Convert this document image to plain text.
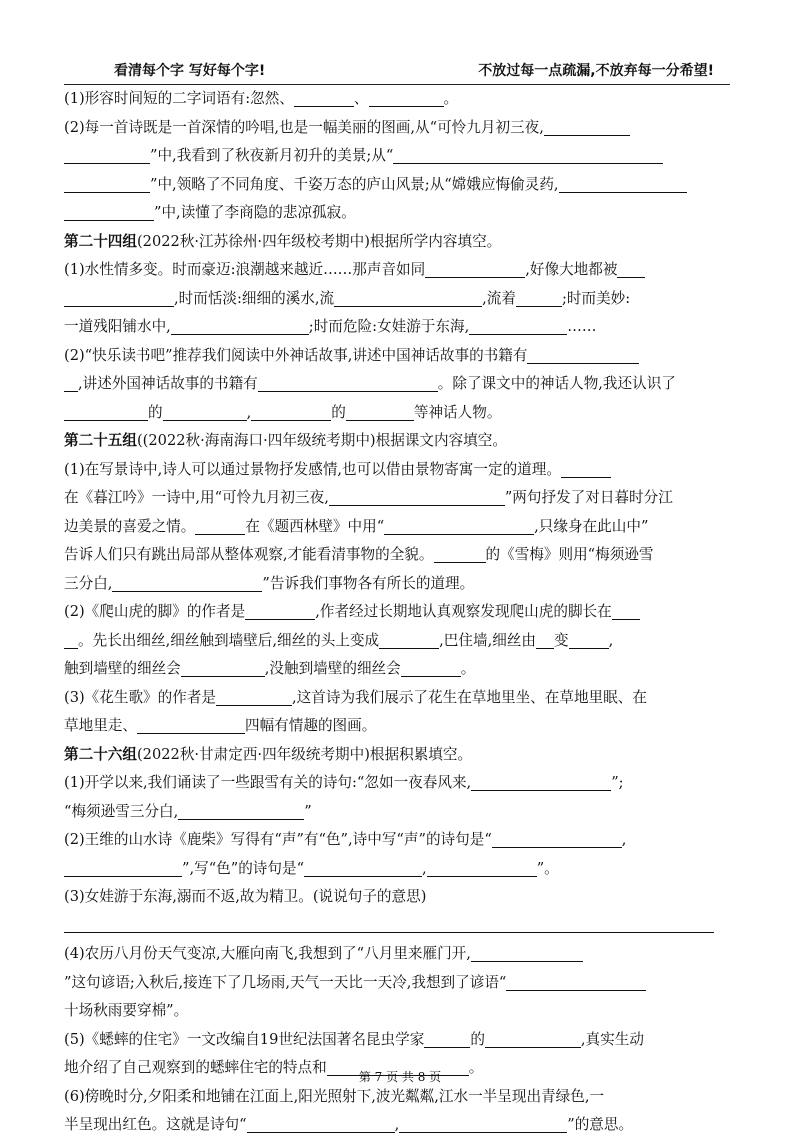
看清每个字 写好每个字!	不放过每一点疏漏,不放弃每一分希望!
(1)形容时间短的二字词语有:忽然、	、	。
(2)每一首诗既是一首深情的吟唱,也是一幅美丽的图画,从“可怜九月初三夜,
”中,我看到了秋夜新月初升的美景;从“
”中,领略了不同角度、千姿万态的庐山风景;从“嫦娥应悔偷灵药,
”中,读懂了李商隐的悲凉孤寂。
第二十四组(2022秋·江苏徐州·四年级校考期中)根据所学内容填空。
(1)水性情多变。时而豪迈:浪潮越来越近……那声音如同	,好像大地都被
,时而恬淡:细细的溪水,流	,流着	;时而美妙:
一道残阳铺水中,	;时而危险:女娃游于东海,	……
(2)“快乐读书吧”推荐我们阅读中外神话故事,讲述中国神话故事的书籍有
,讲述外国神话故事的书籍有	。除了课文中的神话人物,我还认识了
的	,	的	等神话人物。
第二十五组((2022秋·海南海口·四年级统考期中)根据课文内容填空。
(1)在写景诗中,诗人可以通过景物抒发感情,也可以借由景物寄寓一定的道理。
在《暮江吟》一诗中,用“可怜九月初三夜,	”两句抒发了对日暮时分江
边美景的喜爱之情。	在《题西林壁》中用“	,只缘身在此山中”
告诉人们只有跳出局部从整体观察,才能看清事物的全貌。	的《雪梅》则用“梅须逊雪
三分白,	”告诉我们事物各有所长的道理。
(2)《爬山虎的脚》的作者是	,作者经过长期地认真观察发现爬山虎的脚长在
。先长出细丝,细丝触到墙壁后,细丝的头上变成	,巴住墙,细丝由 变	,
触到墙壁的细丝会	,没触到墙壁的细丝会	。
(3)《花生歌》的作者是	,这首诗为我们展示了花生在草地里坐、在草地里眠、在
草地里走、	四幅有情趣的图画。
第二十六组(2022秋·甘肃定西·四年级统考期中)根据积累填空。
(1)开学以来,我们诵读了一些跟雪有关的诗句:“忽如一夜春风来,	”;
“梅须逊雪三分白,	”
(2)王维的山水诗《鹿柴》写得有“声”有“色”,诗中写“声”的诗句是“	,
”,写“色”的诗句是“	,	”。
(3)女娃游于东海,溺而不返,故为精卫。(说说句子的意思)
(4)农历八月份天气变凉,大雁向南飞,我想到了“八月里来雁门开,
”这句谚语;入秋后,接连下了几场雨,天气一天比一天冷,我想到了谚语“
十场秋雨要穿棉”。
(5)《蟋蟀的住宅》一文改编自19世纪法国著名昆虫学家	的	,真实生动
地介绍了自己观察到的蟋蟀住宅的特点和	。
(6)傍晚时分,夕阳柔和地铺在江面上,阳光照射下,波光粼粼,江水一半呈现出青绿色,一
半呈现出红色。这就是诗句“	,	”的意思。
第 7 页 共 8 页
